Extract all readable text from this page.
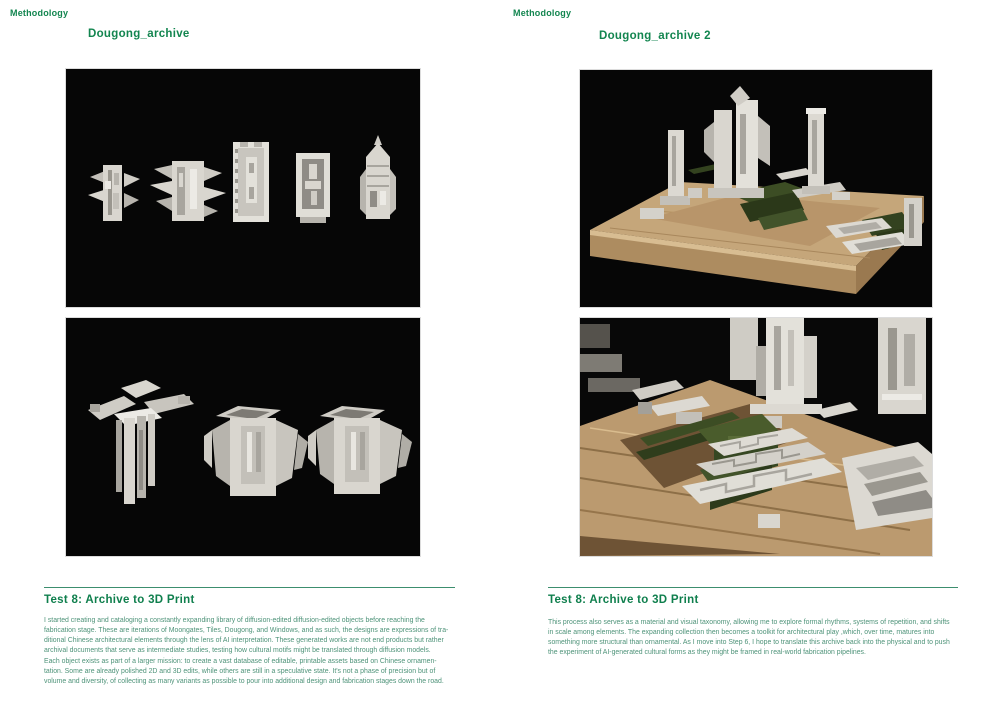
Methodology
Dougong_archive
Test 8: Archive to 3D Print
I started creating and cataloging a constantly expanding library of diffusion-edited diffusion-edited objects before reaching the
fabrication stage. These are iterations of Moongates, Tiles, Dougong, and Windows, and as such, the designs are expressions of tra-
ditional Chinese architectural elements through the lens of AI interpretation. These generated works are not end products but rather
archival documents that serve as intermediate studies, testing how cultural motifs might be translated through diffusion models.
Each object exists as part of a larger mission: to create a vast database of editable, printable assets based on Chinese ornamen-
tation. Some are already polished 2D and 3D edits, while others are still in a speculative state. It's not a phase of precision but of
volume and diversity, of collecting as many variants as possible to pour into additional design and fabrication stages down the road.
Methodology
Dougong_archive 2
Test 8: Archive to 3D Print
This process also serves as a material and visual taxonomy, allowing me to explore formal rhythms, systems of repetition, and shifts
in scale among elements. The expanding collection then becomes a toolkit for architectural play ,which, over time, matures into
something more structural than ornamental. As I move into Step 6, I hope to translate this archive back into the physical and to push
the experiment of AI-generated cultural forms as they might be framed in real-world fabrication pipelines.
